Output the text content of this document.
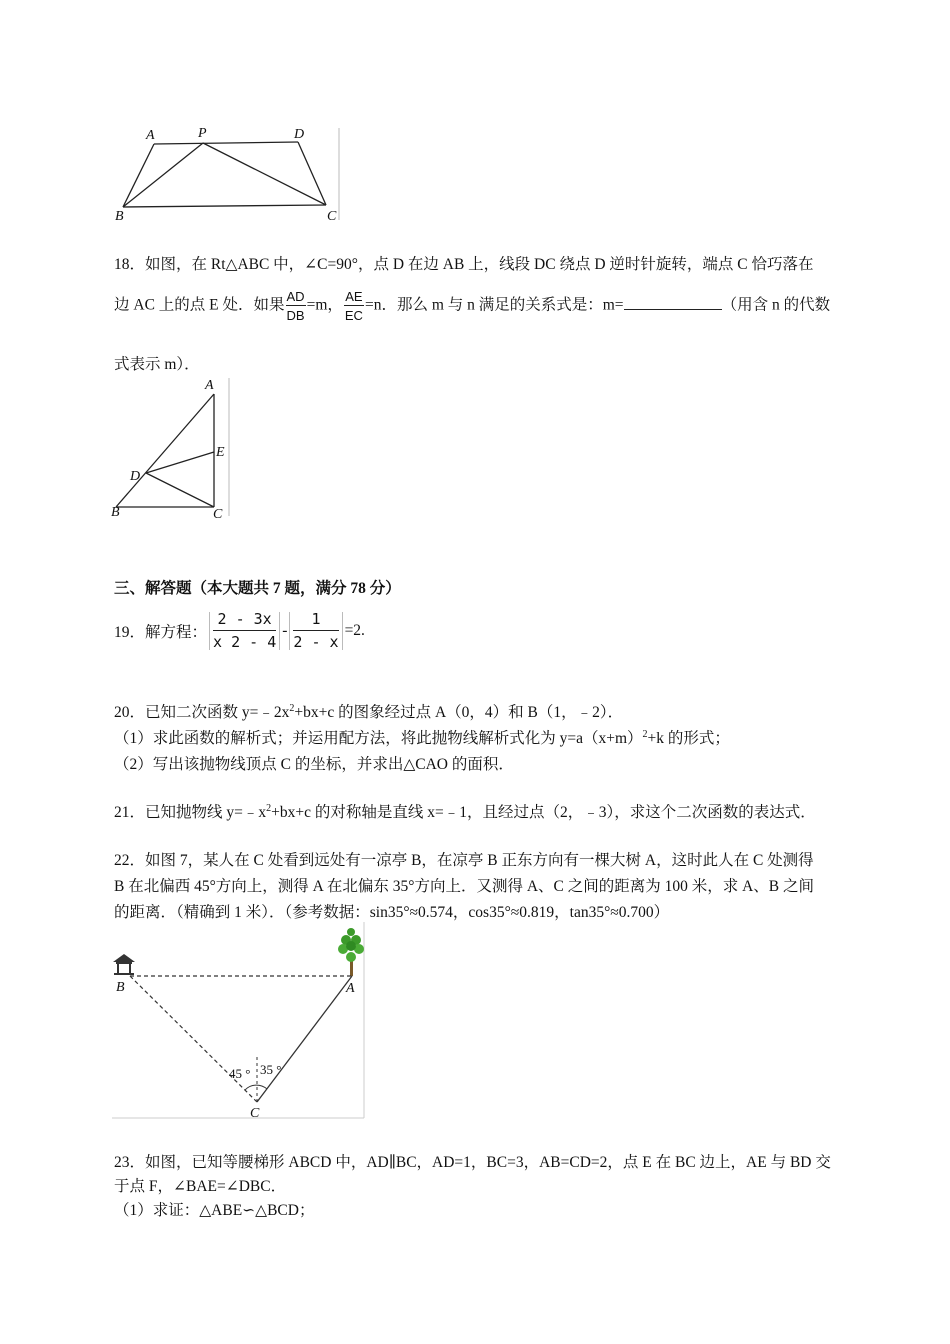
A	P	D
B	C
18．如图，在 Rt△ABC 中，∠C=90°，点 D 在边 AB 上，线段 DC 绕点 D 逆时针旋转，端点 C 恰巧落在
边 AC 上的点 E 处．如果 $\frac{AD}{DB} =m$， $\frac{AE}{EC} =n$．那么 m 与 n 满足的关系式是：m=	（用含 n 的代数
式表示 m）．
A
E
D
B	C
三、解答题（本大题共 7 题，满分 78 分）
19．解方程： $\frac{2 - 3x}{x 2 - 4} - \frac{1}{2 - x} =2$.
20．已知二次函数 $y=﹣2x^2+bx+c$ 的图象经过点 A（0，4）和 B（1，﹣2）．
（1）求此函数的解析式；并运用配方法，将此抛物线解析式化为 $y=a(x+m)^2+k$ 的形式；
（2）写出该抛物线顶点 C 的坐标，并求出△CAO 的面积．
21．已知抛物线 $y=﹣x^2+bx+c$ 的对称轴是直线 x=﹣1，且经过点（2，﹣3），求这个二次函数的表达式．
22．如图 7，某人在 C 处看到远处有一凉亭 B，在凉亭 B 正东方向有一棵大树 A，这时此人在 C 处测得
B 在北偏西 45°方向上，测得 A 在北偏东 35°方向上．又测得 A、C 之间的距离为 100 米，求 A、B 之间
的距离．（精确到 1 米）．（参考数据：sin35°≈0.574，cos35°≈0.819，tan35°≈0.700）
B	A
C
45 ° 35 °
23．如图，已知等腰梯形 ABCD 中，AD∥BC，AD=1，BC=3，AB=CD=2，点 E 在 BC 边上，AE 与 BD 交
于点 F，∠BAE=∠DBC．
（1）求证：△ABE∽△BCD；
